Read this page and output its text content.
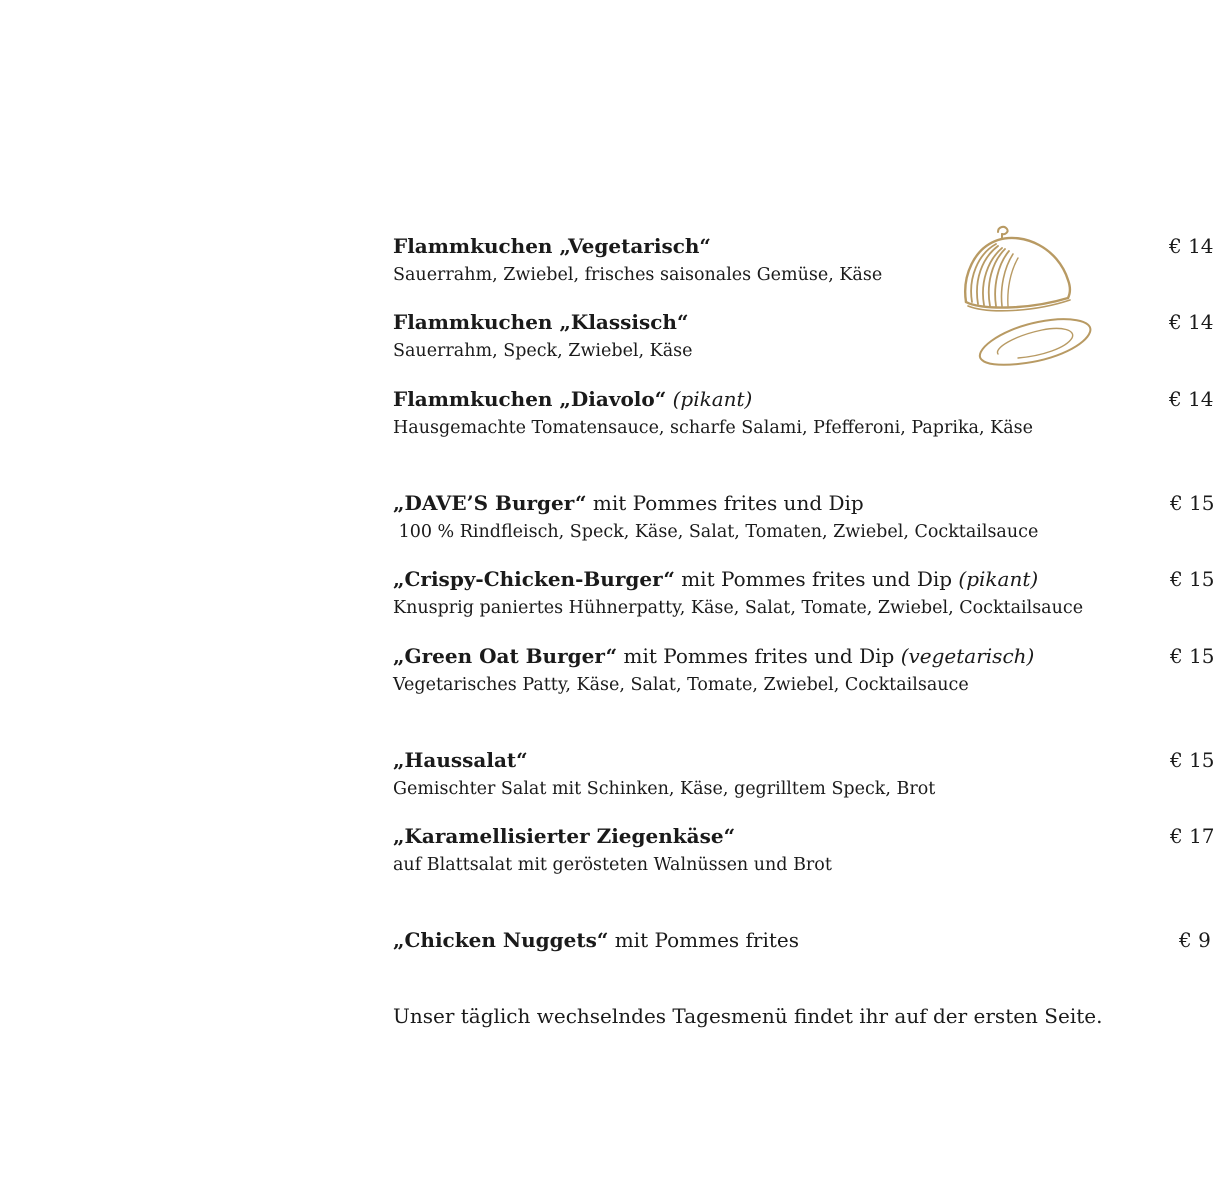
Flammkuchen „Vegetarisch“
Sauerrahm, Zwiebel, frisches saisonales Gemüse, Käse
€ 14
Flammkuchen „Klassisch“
Sauerrahm, Speck, Zwiebel, Käse
€ 14
Flammkuchen „Diavolo“ (pikant)
Hausgemachte Tomatensauce, scharfe Salami, Pfefferoni, Paprika, Käse
€ 14
„DAVE’S Burger“ mit Pommes frites und Dip
100 % Rindfleisch, Speck, Käse, Salat, Tomaten, Zwiebel, Cocktailsauce
€ 15
„Crispy-Chicken-Burger“ mit Pommes frites und Dip (pikant)
Knusprig paniertes Hühnerpatty, Käse, Salat, Tomate, Zwiebel, Cocktailsauce
€ 15
„Green Oat Burger“ mit Pommes frites und Dip (vegetarisch)
Vegetarisches Patty, Käse, Salat, Tomate, Zwiebel, Cocktailsauce
€ 15
„Haussalat“
Gemischter Salat mit Schinken, Käse, gegrilltem Speck, Brot
€ 15
„Karamellisierter Ziegenkäse“
auf Blattsalat mit gerösteten Walnüssen und Brot
€ 17
„Chicken Nuggets“ mit Pommes frites	€ 9
Unser täglich wechselndes Tagesmenü findet ihr auf der ersten Seite.
